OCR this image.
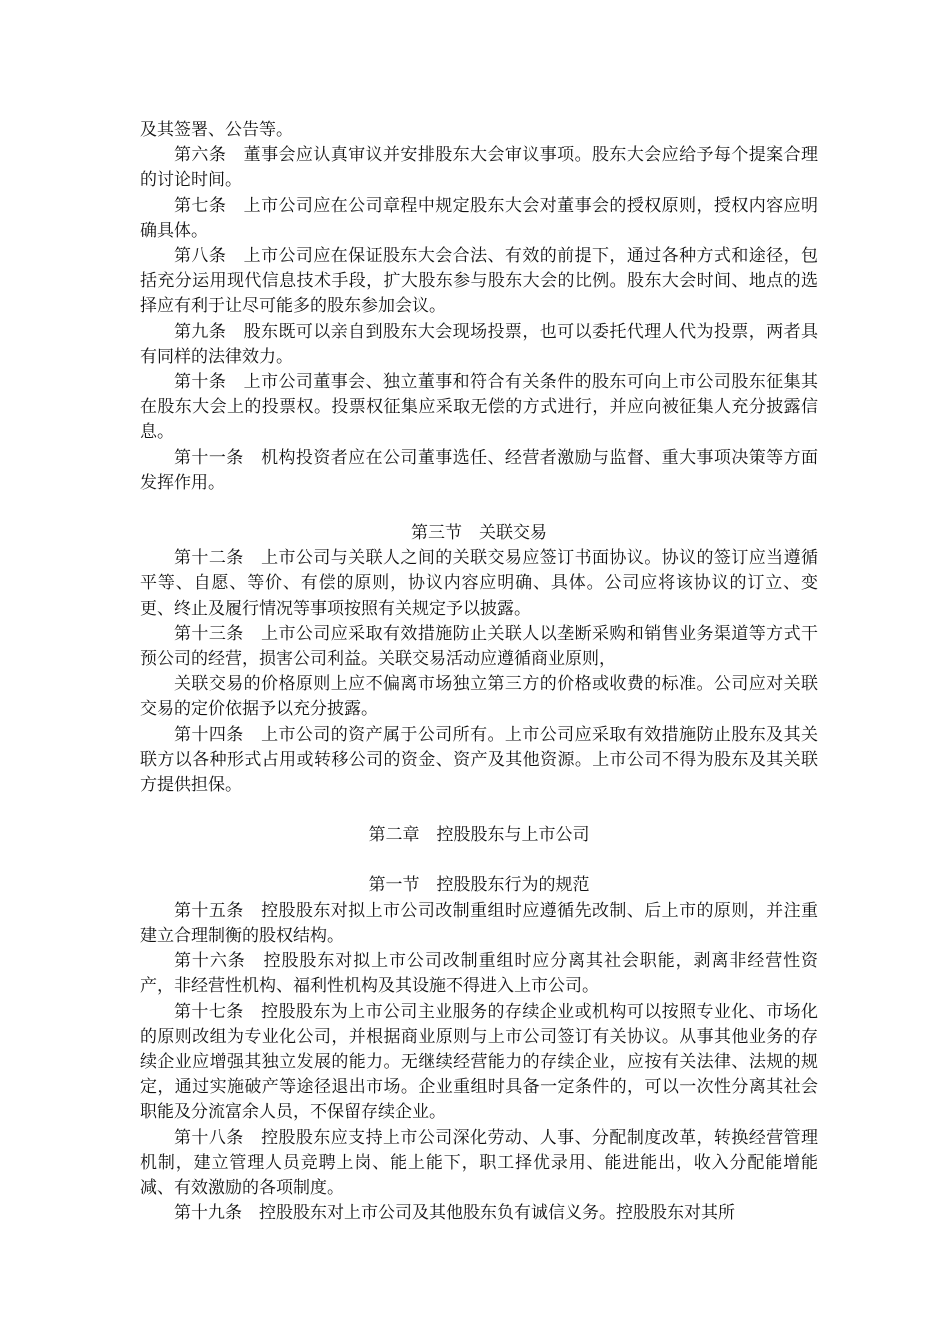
及其签署、公告等。

第六条　 董事会应认真审议并安排股东大会审议事项。股东大会应给予每个提案合理的讨论时间。

第七条　 上市公司应在公司章程中规定股东大会对董事会的授权原则，授权内容应明确具体。

第八条　 上市公司应在保证股东大会合法、有效的前提下，通过各种方式和途径，包括充分运用现代信息技术手段，扩大股东参与股东大会的比例。股东大会时间、地点的选择应有利于让尽可能多的股东参加会议。

第九条　 股东既可以亲自到股东大会现场投票，也可以委托代理人代为投票，两者具有同样的法律效力。

第十条　 上市公司董事会、独立董事和符合有关条件的股东可向上市公司股东征集其在股东大会上的投票权。投票权征集应采取无偿的方式进行，并应向被征集人充分披露信息。

第十一条　 机构投资者应在公司董事选任、经营者激励与监督、重大事项决策等方面发挥作用。

第三节　关联交易

第十二条　 上市公司与关联人之间的关联交易应签订书面协议。协议的签订应当遵循平等、自愿、等价、有偿的原则，协议内容应明确、具体。公司应将该协议的订立、变更、终止及履行情况等事项按照有关规定予以披露。

第十三条　 上市公司应采取有效措施防止关联人以垄断采购和销售业务渠道等方式干预公司的经营，损害公司利益。关联交易活动应遵循商业原则，

关联交易的价格原则上应不偏离市场独立第三方的价格或收费的标准。公司应对关联交易的定价依据予以充分披露。

第十四条　 上市公司的资产属于公司所有。上市公司应采取有效措施防止股东及其关联方以各种形式占用或转移公司的资金、资产及其他资源。上市公司不得为股东及其关联方提供担保。

第二章　控股股东与上市公司

第一节　控股股东行为的规范

第十五条　 控股股东对拟上市公司改制重组时应遵循先改制、后上市的原则，并注重建立合理制衡的股权结构。

第十六条　 控股股东对拟上市公司改制重组时应分离其社会职能，剥离非经营性资产，非经营性机构、福利性机构及其设施不得进入上市公司。

第十七条　 控股股东为上市公司主业服务的存续企业或机构可以按照专业化、市场化的原则改组为专业化公司，并根据商业原则与上市公司签订有关协议。从事其他业务的存续企业应增强其独立发展的能力。无继续经营能力的存续企业，应按有关法律、法规的规定，通过实施破产等途径退出市场。企业重组时具备一定条件的，可以一次性分离其社会职能及分流富余人员，不保留存续企业。

第十八条　 控股股东应支持上市公司深化劳动、人事、分配制度改革，转换经营管理机制，建立管理人员竞聘上岗、能上能下，职工择优录用、能进能出，收入分配能增能减、有效激励的各项制度。

第十九条　 控股股东对上市公司及其他股东负有诚信义务。控股股东对其所
